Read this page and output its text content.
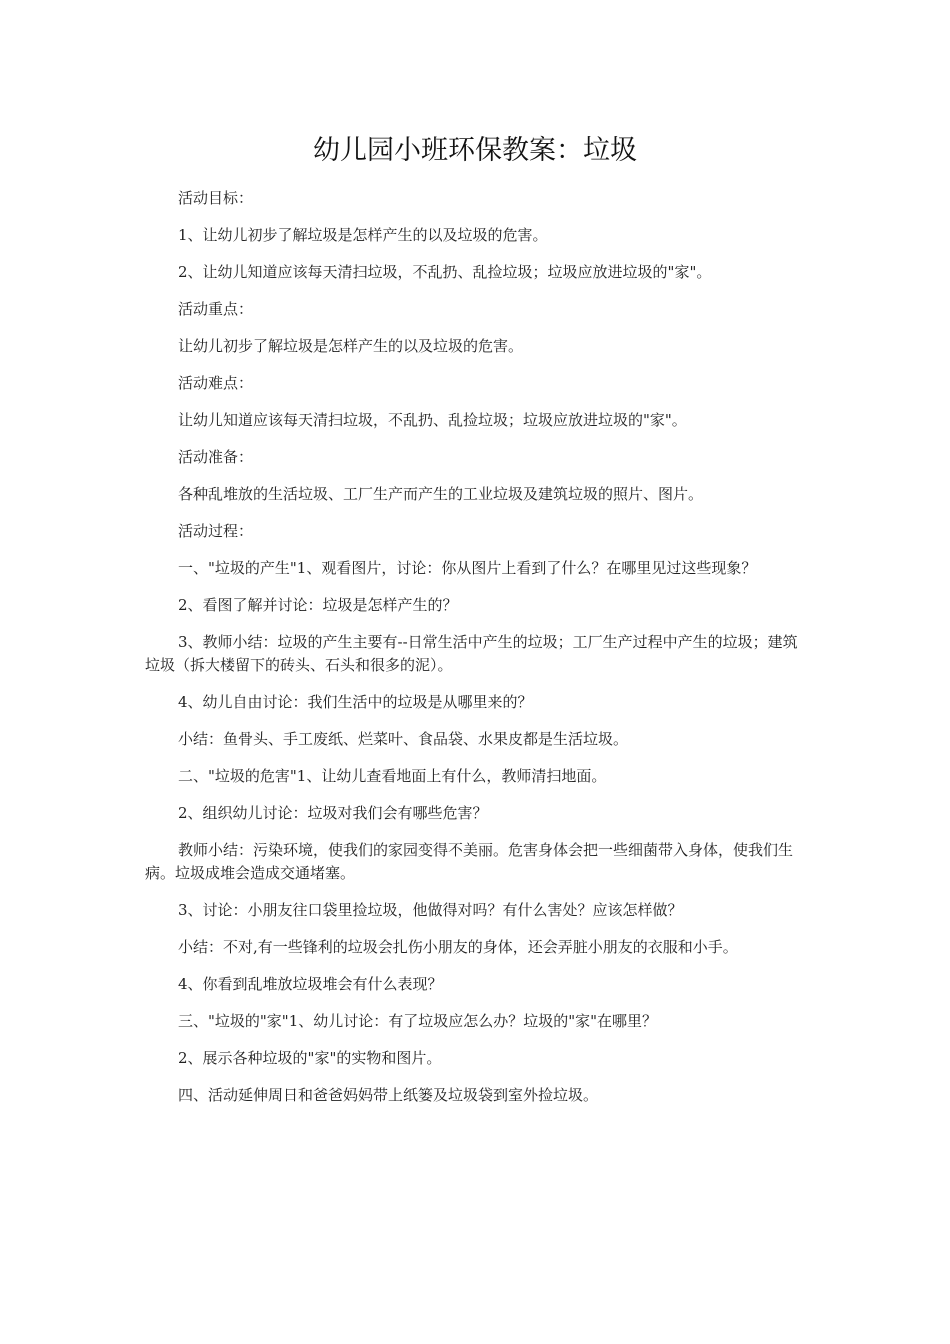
幼儿园小班环保教案：垃圾

活动目标：

1、让幼儿初步了解垃圾是怎样产生的以及垃圾的危害。

2、让幼儿知道应该每天清扫垃圾，不乱扔、乱捡垃圾；垃圾应放进垃圾的"家"。

活动重点：

让幼儿初步了解垃圾是怎样产生的以及垃圾的危害。

活动难点：

让幼儿知道应该每天清扫垃圾，不乱扔、乱捡垃圾；垃圾应放进垃圾的"家"。

活动准备：

各种乱堆放的生活垃圾、工厂生产而产生的工业垃圾及建筑垃圾的照片、图片。

活动过程：

一、"垃圾的产生"1、观看图片，讨论：你从图片上看到了什么？在哪里见过这些现象？

2、看图了解并讨论：垃圾是怎样产生的？

3、教师小结：垃圾的产生主要有--日常生活中产生的垃圾；工厂生产过程中产生的垃圾；建筑垃圾（拆大楼留下的砖头、石头和很多的泥）。

4、幼儿自由讨论：我们生活中的垃圾是从哪里来的？

小结：鱼骨头、手工废纸、烂菜叶、食品袋、水果皮都是生活垃圾。

二、"垃圾的危害"1、让幼儿查看地面上有什么，教师清扫地面。

2、组织幼儿讨论：垃圾对我们会有哪些危害？

教师小结：污染环境，使我们的家园变得不美丽。危害身体会把一些细菌带入身体，使我们生病。垃圾成堆会造成交通堵塞。

3、讨论：小朋友往口袋里捡垃圾，他做得对吗？有什么害处？应该怎样做？

小结：不对,有一些锋利的垃圾会扎伤小朋友的身体，还会弄脏小朋友的衣服和小手。

4、你看到乱堆放垃圾堆会有什么表现？

三、"垃圾的"家"1、幼儿讨论：有了垃圾应怎么办？垃圾的"家"在哪里？

2、展示各种垃圾的"家"的实物和图片。

四、活动延伸周日和爸爸妈妈带上纸篓及垃圾袋到室外捡垃圾。
